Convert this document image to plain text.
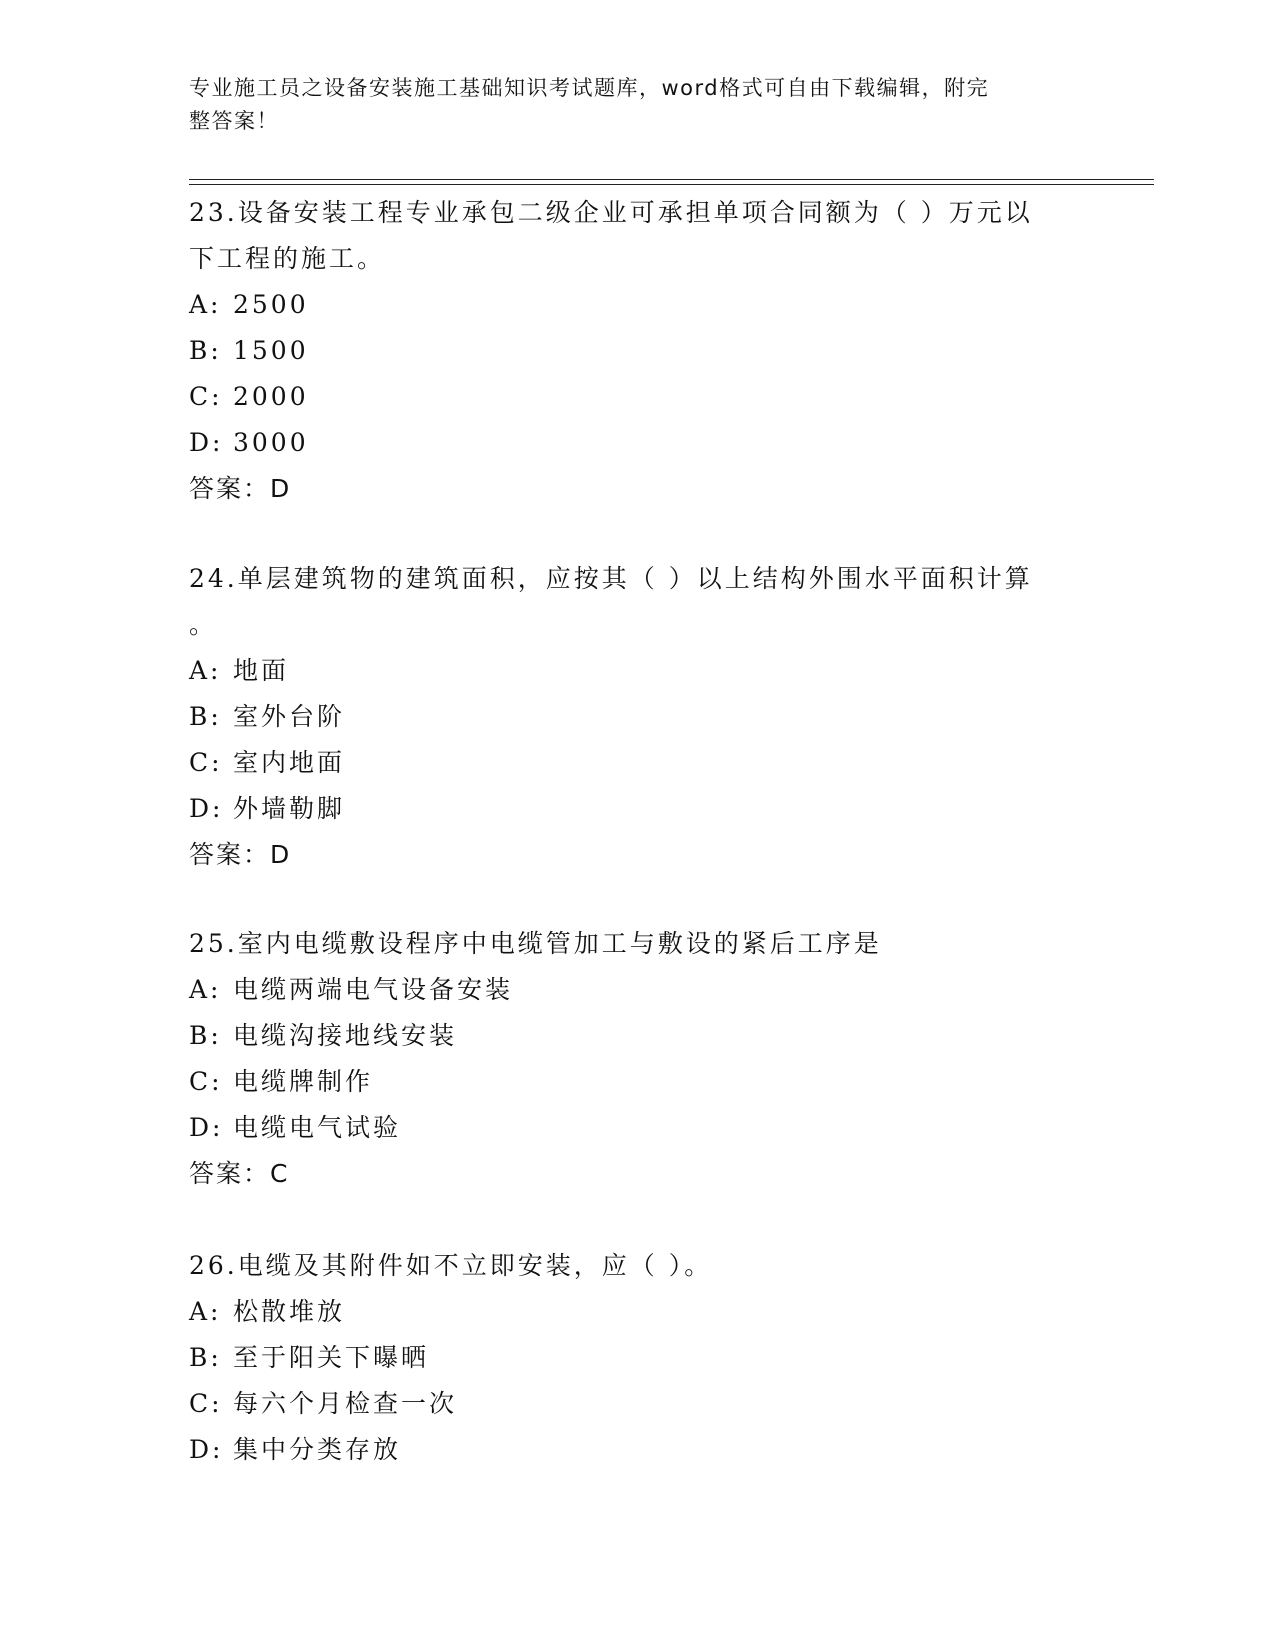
专业施工员之设备安装施工基础知识考试题库，word格式可自由下载编辑，附完
整答案！
23.设备安装工程专业承包二级企业可承担单项合同额为（ ）万元以
下工程的施工。
A: 2500
B: 1500
C: 2000
D: 3000
答案：D
24.单层建筑物的建筑面积，应按其（ ）以上结构外围水平面积计算
。
A: 地面
B: 室外台阶
C: 室内地面
D: 外墙勒脚
答案：D
25.室内电缆敷设程序中电缆管加工与敷设的紧后工序是
A: 电缆两端电气设备安装
B: 电缆沟接地线安装
C: 电缆牌制作
D: 电缆电气试验
答案：C
26.电缆及其附件如不立即安装，应（ ）。
A: 松散堆放
B: 至于阳关下曝晒
C: 每六个月检查一次
D: 集中分类存放
